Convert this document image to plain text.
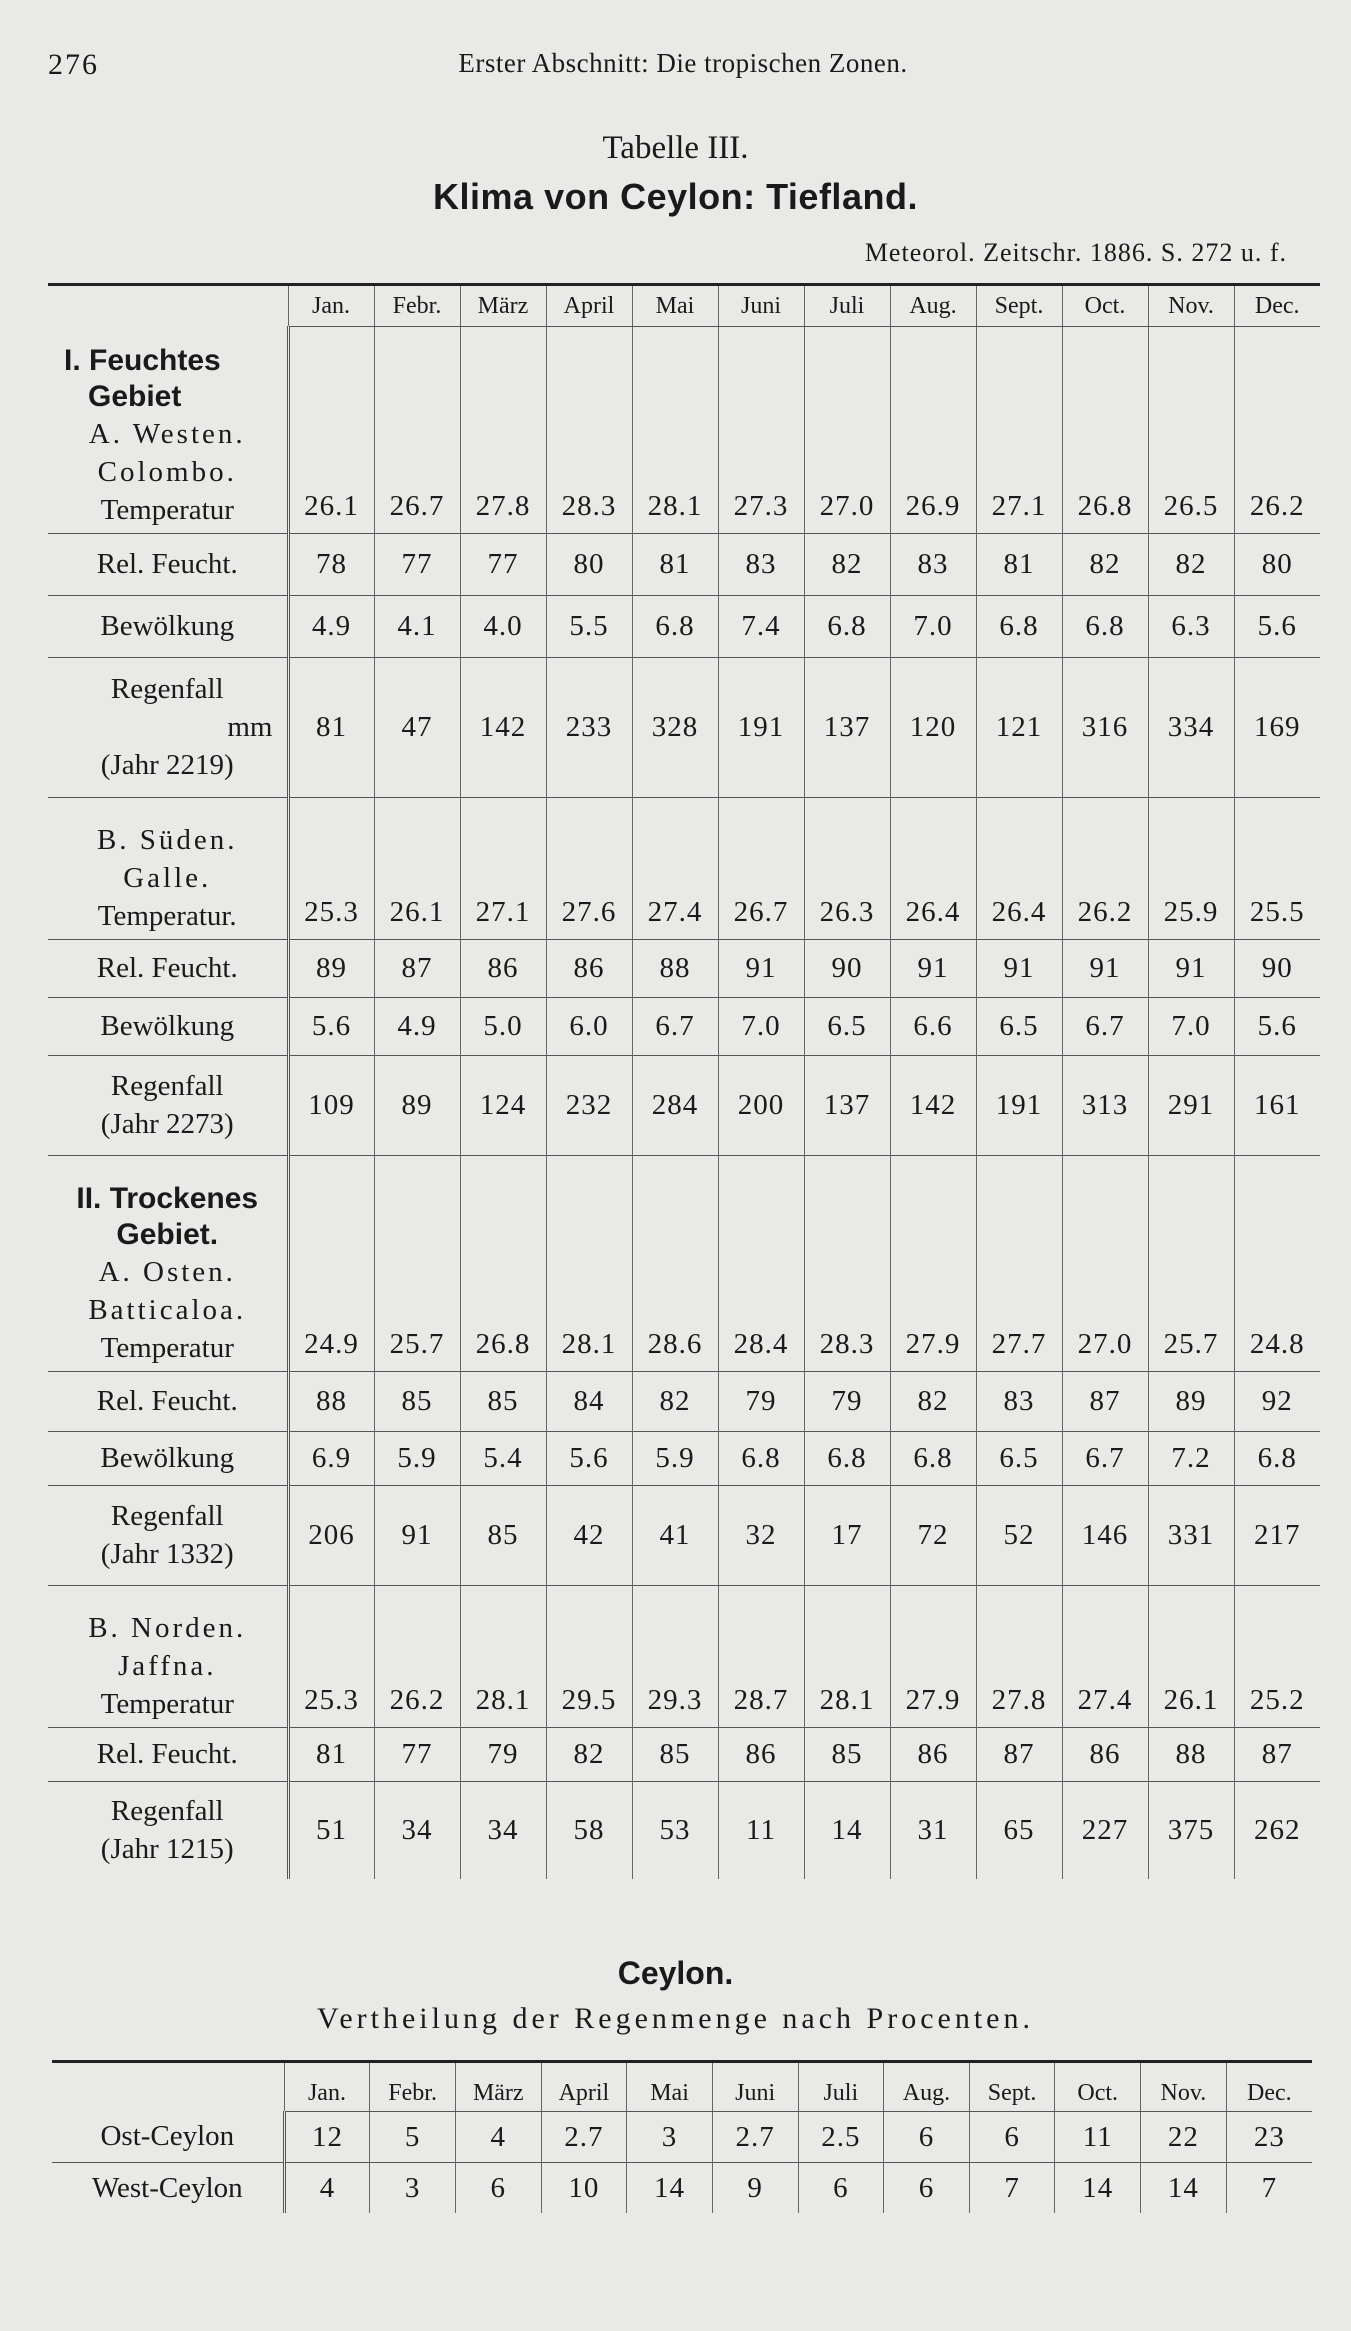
276	Erster Abschnitt: Die tropischen Zonen.
Tabelle III.
Klima von Ceylon: Tiefland.
Meteorol. Zeitschr. 1886. S. 272 u. f.
	Jan.	Febr.	März	April	Mai	Juni	Juli	Aug.	Sept.	Oct.	Nov.	Dec.

I. Feuchtes
Gebiet
A. Westen.
Colombo.
Temperatur	26.1	26.7	27.8	28.3	28.1	27.3	27.0	26.9	27.1	26.8	26.5	26.2
Rel. Feucht.	78	77	77	80	81	83	82	83	81	82	82	80
Bewölkung	4.9	4.1	4.0	5.5	6.8	7.4	6.8	7.0	6.8	6.8	6.3	5.6

Regenfall
mm
(Jahr 2219)	81	47	142	233	328	191	137	120	121	316	334	169

B. Süden.
Galle.
Temperatur.	25.3	26.1	27.1	27.6	27.4	26.7	26.3	26.4	26.4	26.2	25.9	25.5
Rel. Feucht.	89	87	86	86	88	91	90	91	91	91	91	90
Bewölkung	5.6	4.9	5.0	6.0	6.7	7.0	6.5	6.6	6.5	6.7	7.0	5.6

Regenfall
(Jahr 2273)	109	89	124	232	284	200	137	142	191	313	291	161

II. Trockenes
Gebiet.
A. Osten.
Batticaloa.
Temperatur	24.9	25.7	26.8	28.1	28.6	28.4	28.3	27.9	27.7	27.0	25.7	24.8
Rel. Feucht.	88	85	85	84	82	79	79	82	83	87	89	92
Bewölkung	6.9	5.9	5.4	5.6	5.9	6.8	6.8	6.8	6.5	6.7	7.2	6.8

Regenfall
(Jahr 1332)	206	91	85	42	41	32	17	72	52	146	331	217

B. Norden.
Jaffna.
Temperatur	25.3	26.2	28.1	29.5	29.3	28.7	28.1	27.9	27.8	27.4	26.1	25.2
Rel. Feucht.	81	77	79	82	85	86	85	86	87	86	88	87

Regenfall
(Jahr 1215)	51	34	34	58	53	11	14	31	65	227	375	262
Ceylon.
Vertheilung der Regenmenge nach Procenten.
	Jan.	Febr.	März	April	Mai	Juni	Juli	Aug.	Sept.	Oct.	Nov.	Dec.
Ost-Ceylon	12	5	4	2.7	3	2.7	2.5	6	6	11	22	23
West-Ceylon	4	3	6	10	14	9	6	6	7	14	14	7
